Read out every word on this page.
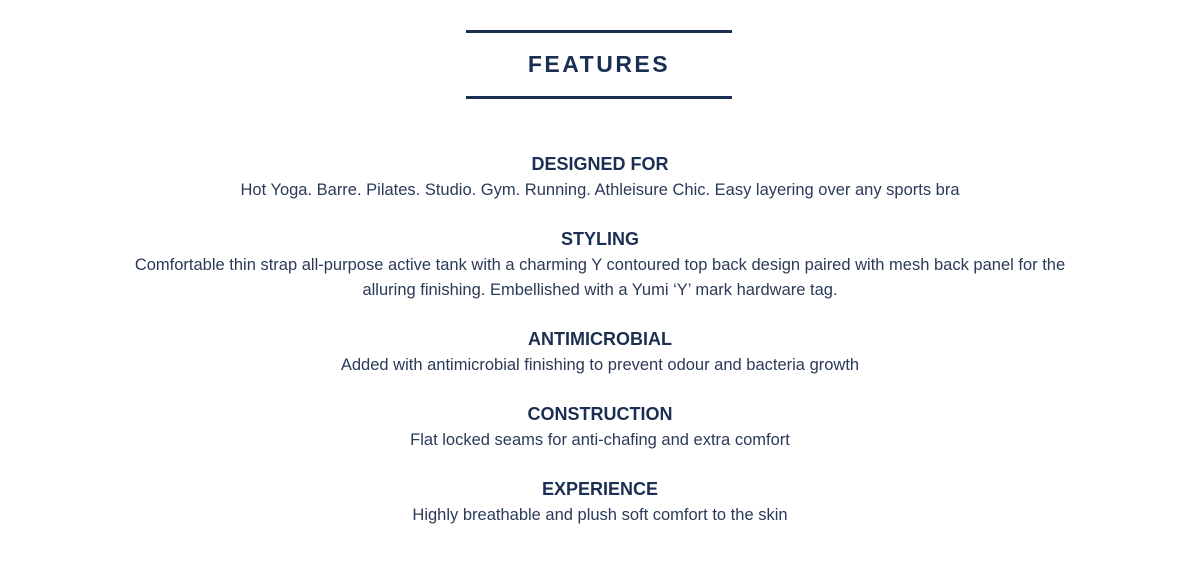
FEATURES

DESIGNED FOR

Hot Yoga. Barre. Pilates. Studio. Gym. Running. Athleisure Chic. Easy layering over any sports bra

STYLING

Comfortable thin strap all-purpose active tank with a charming Y contoured top back design paired with mesh back panel for the alluring finishing. Embellished with a Yumi ‘Y’ mark hardware tag.

ANTIMICROBIAL

Added with antimicrobial finishing to prevent odour and bacteria growth

CONSTRUCTION

Flat locked seams for anti-chafing and extra comfort

EXPERIENCE

Highly breathable and plush soft comfort to the skin
